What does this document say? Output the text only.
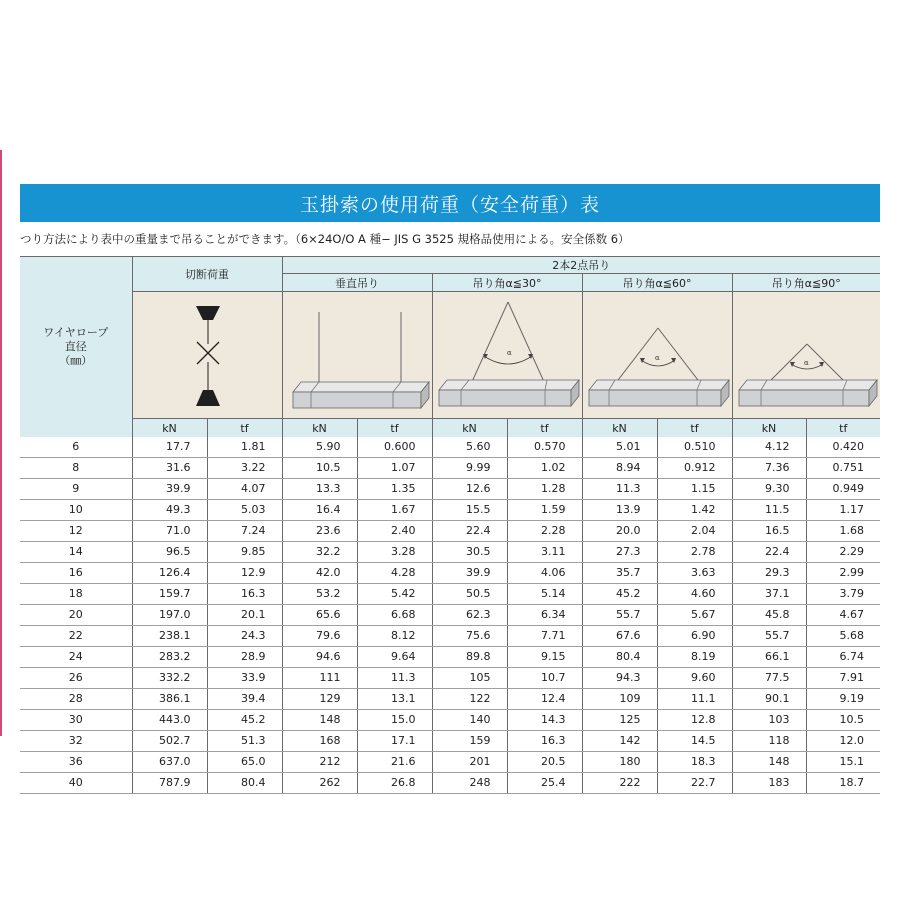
玉掛索の使用荷重（安全荷重）表
つり方法により表中の重量まで吊ることができます。（6×24O/O A 種− JIS G 3525 規格品使用による。安全係数 6）
ワイヤロープ
直径
（㎜）	切断荷重		2本2点吊り							
			垂直吊り		吊り角α≦30°		吊り角α≦60°		吊り角α≦90°	

α		α		α	

	kN	tf	kN	tf	kN	tf	kN	tf	kN	tf
6	17.7	1.81	5.90	0.600	5.60	0.570	5.01	0.510	4.12	0.420
8	31.6	3.22	10.5	1.07	9.99	1.02	8.94	0.912	7.36	0.751
9	39.9	4.07	13.3	1.35	12.6	1.28	11.3	1.15	9.30	0.949
10	49.3	5.03	16.4	1.67	15.5	1.59	13.9	1.42	11.5	1.17
12	71.0	7.24	23.6	2.40	22.4	2.28	20.0	2.04	16.5	1.68
14	96.5	9.85	32.2	3.28	30.5	3.11	27.3	2.78	22.4	2.29
16	126.4	12.9	42.0	4.28	39.9	4.06	35.7	3.63	29.3	2.99
18	159.7	16.3	53.2	5.42	50.5	5.14	45.2	4.60	37.1	3.79
20	197.0	20.1	65.6	6.68	62.3	6.34	55.7	5.67	45.8	4.67
22	238.1	24.3	79.6	8.12	75.6	7.71	67.6	6.90	55.7	5.68
24	283.2	28.9	94.6	9.64	89.8	9.15	80.4	8.19	66.1	6.74
26	332.2	33.9	111	11.3	105	10.7	94.3	9.60	77.5	7.91
28	386.1	39.4	129	13.1	122	12.4	109	11.1	90.1	9.19
30	443.0	45.2	148	15.0	140	14.3	125	12.8	103	10.5
32	502.7	51.3	168	17.1	159	16.3	142	14.5	118	12.0
36	637.0	65.0	212	21.6	201	20.5	180	18.3	148	15.1
40	787.9	80.4	262	26.8	248	25.4	222	22.7	183	18.7
